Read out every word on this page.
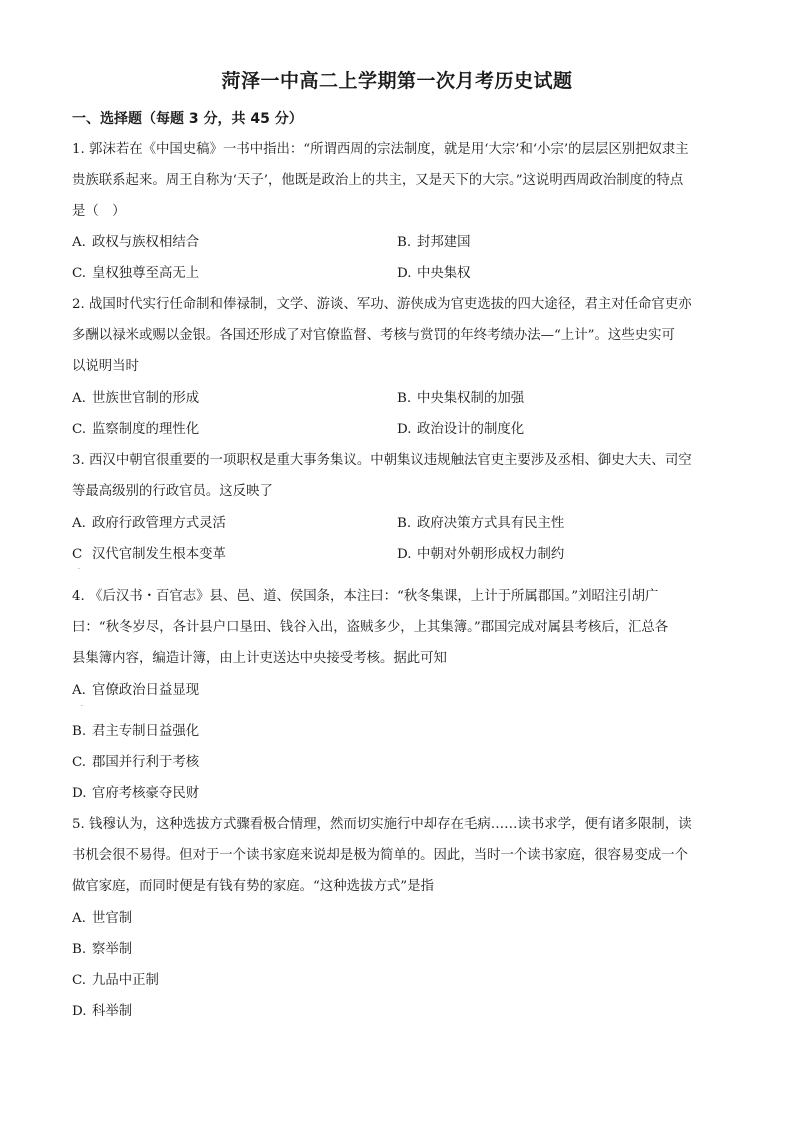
菏泽一中高二上学期第一次月考历史试题
一、选择题（每题 3 分，共 45 分）
1. 郭沫若在《中国史稿》一书中指出：“所谓西周的宗法制度，就是用‘大宗’和‘小宗’的层层区别把奴隶主
贵族联系起来。周王自称为‘天子’，他既是政治上的共主，又是天下的大宗。”这说明西周政治制度的特点
是（　）
A. 政权与族权相结合	B. 封邦建国
C. 皇权独尊至高无上	D. 中央集权
2. 战国时代实行任命制和俸禄制，文学、游谈、军功、游侠成为官吏选拔的四大途径，君主对任命官吏亦
多酬以禄米或赐以金银。各国还形成了对官僚监督、考核与赏罚的年终考绩办法—“上计”。这些史实可
以说明当时
A. 世族世官制的形成	B. 中央集权制的加强
C. 监察制度的理性化	D. 政治设计的制度化
3. 西汉中朝官很重要的一项职权是重大事务集议。中朝集议违规触法官吏主要涉及丞相、御史大夫、司空
等最高级别的行政官员。这反映了
A. 政府行政管理方式灵活	B. 政府决策方式具有民主性
C 汉代官制发生根本变革	D. 中朝对外朝形成权力制约
·
4. 《后汉书・百官志》县、邑、道、侯国条，本注曰：“秋冬集课，上计于所属郡国。”刘昭注引胡广
曰：“秋冬岁尽，各计县户口垦田、钱谷入出，盗贼多少，上其集簿。”郡国完成对属县考核后，汇总各
县集簿内容，编造计簿，由上计吏送达中央接受考核。据此可知
A. 官僚政治日益显现
·
B. 君主专制日益强化
C. 郡国并行利于考核
D. 官府考核豪夺民财
5. 钱穆认为，这种选拔方式骤看极合情理，然而切实施行中却存在毛病……读书求学，便有诸多限制，读
书机会很不易得。但对于一个读书家庭来说却是极为简单的。因此，当时一个读书家庭，很容易变成一个
做官家庭，而同时便是有钱有势的家庭。“这种选拔方式”是指
A. 世官制
B. 察举制
C. 九品中正制
D. 科举制
